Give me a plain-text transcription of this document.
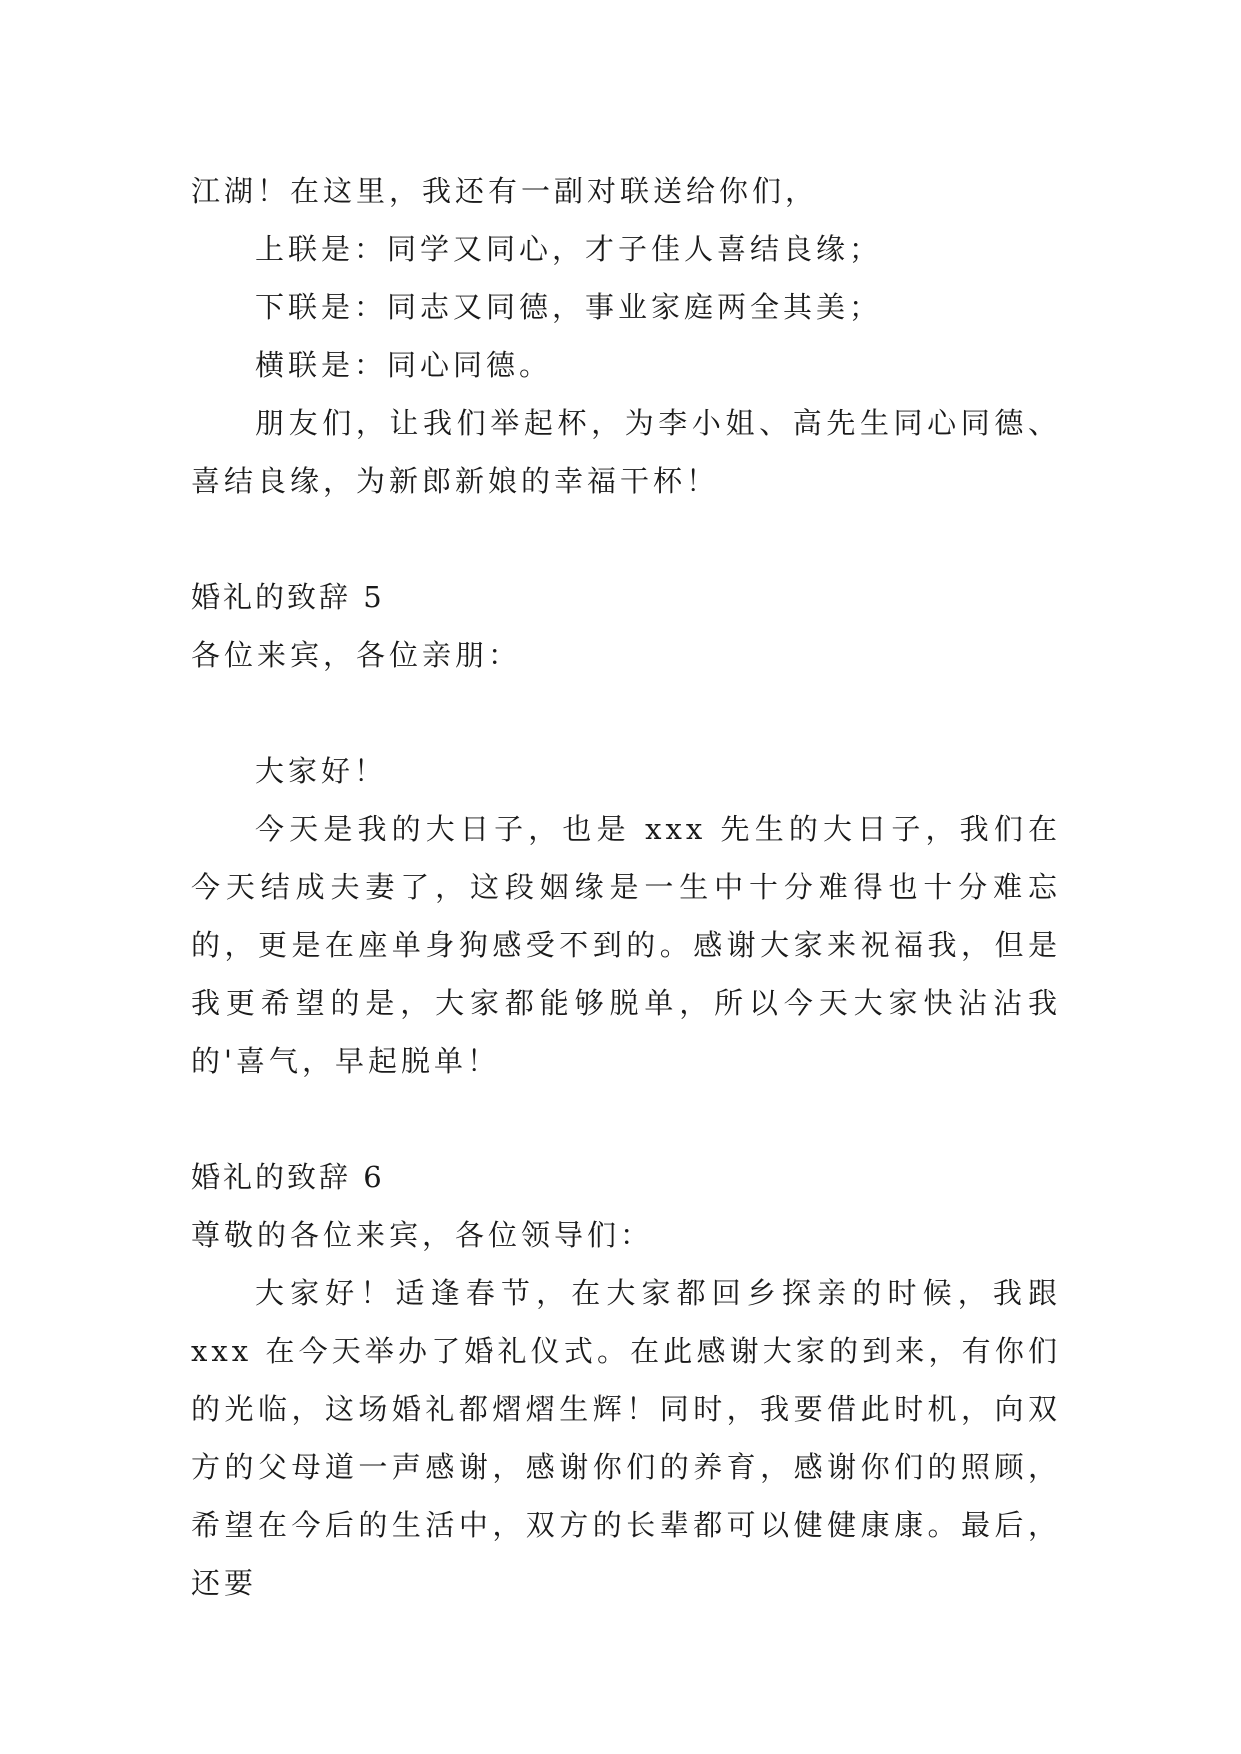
江湖！在这里，我还有一副对联送给你们，

上联是：同学又同心，才子佳人喜结良缘；

下联是：同志又同德，事业家庭两全其美；

横联是：同心同德。

朋友们，让我们举起杯，为李小姐、高先生同心同德、喜结良缘，为新郎新娘的幸福干杯！

婚礼的致辞 5

各位来宾，各位亲朋：

大家好！

今天是我的大日子，也是 xxx 先生的大日子，我们在今天结成夫妻了，这段姻缘是一生中十分难得也十分难忘的，更是在座单身狗感受不到的。感谢大家来祝福我，但是我更希望的是，大家都能够脱单，所以今天大家快沾沾我的'喜气，早起脱单！

婚礼的致辞 6

尊敬的各位来宾，各位领导们：

大家好！适逢春节，在大家都回乡探亲的时候，我跟 xxx 在今天举办了婚礼仪式。在此感谢大家的到来，有你们的光临，这场婚礼都熠熠生辉！同时，我要借此时机，向双方的父母道一声感谢，感谢你们的养育，感谢你们的照顾，希望在今后的生活中，双方的长辈都可以健健康康。最后，还要
